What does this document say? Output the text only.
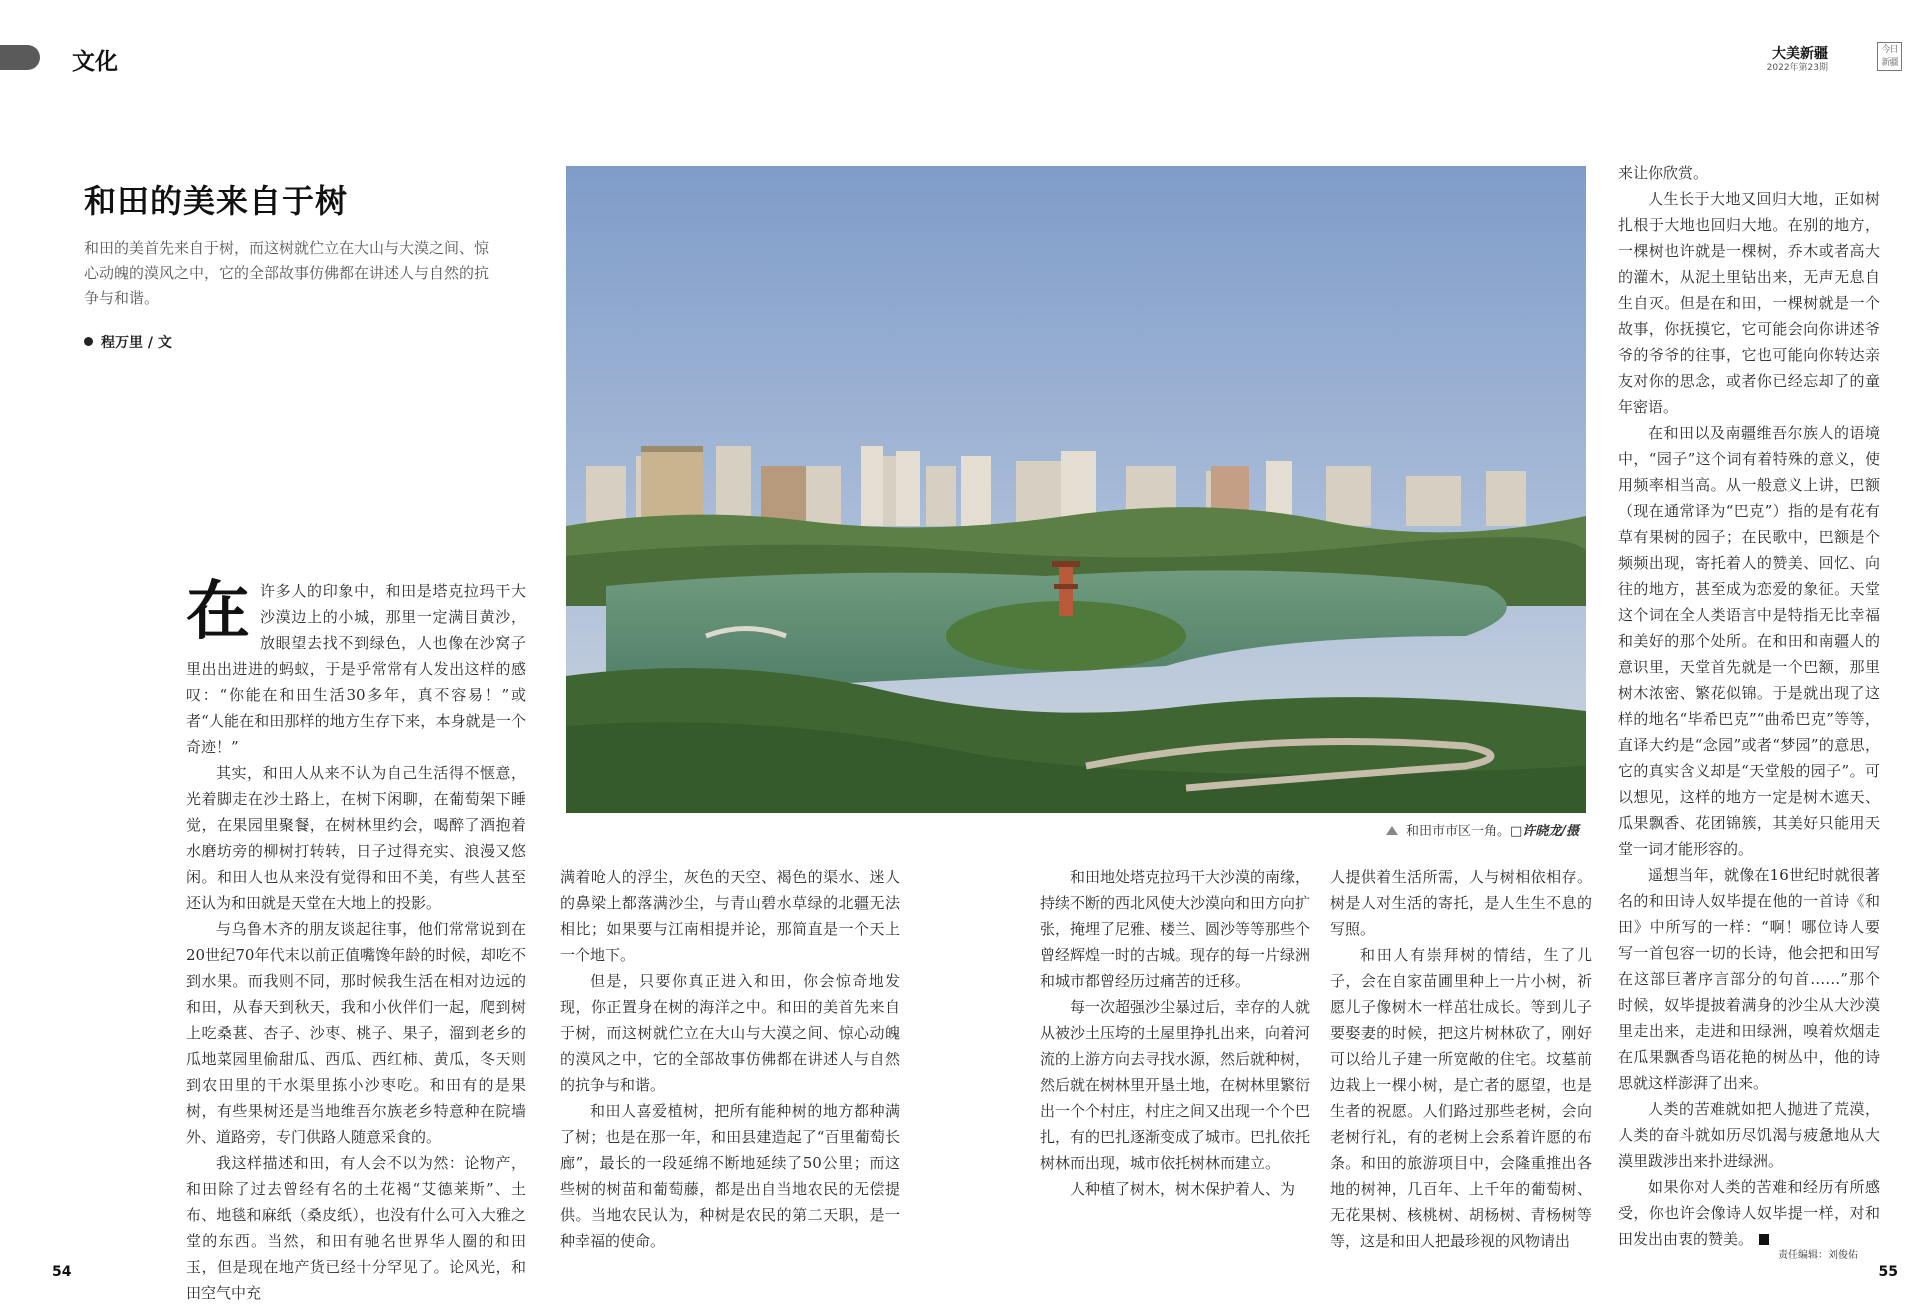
文化	大美新疆
2022年第23期
今日新疆
和田的美来自于树
和田的美首先来自于树，而这树就伫立在大山与大漠之间、惊心动魄的漠风之中，它的全部故事仿佛都在讲述人与自然的抗争与和谐。
程万里 / 文
和田市市区一角。□许晓龙/摄

在许多人的印象中，和田是塔克拉玛干大沙漠边上的小城，那里一定满目黄沙，放眼望去找不到绿色，人也像在沙窝子里出出进进的蚂蚁，于是乎常常有人发出这样的感叹：“你能在和田生活30多年，真不容易！”或者“人能在和田那样的地方生存下来，本身就是一个奇迹！”

其实，和田人从来不认为自己生活得不惬意，光着脚走在沙土路上，在树下闲聊，在葡萄架下睡觉，在果园里聚餐，在树林里约会，喝醉了酒抱着水磨坊旁的柳树打转转，日子过得充实、浪漫又悠闲。和田人也从来没有觉得和田不美，有些人甚至还认为和田就是天堂在大地上的投影。

与乌鲁木齐的朋友谈起往事，他们常常说到在20世纪70年代末以前正值嘴馋年龄的时候，却吃不到水果。而我则不同，那时候我生活在相对边远的和田，从春天到秋天，我和小伙伴们一起，爬到树上吃桑葚、杏子、沙枣、桃子、果子，溜到老乡的瓜地菜园里偷甜瓜、西瓜、西红柿、黄瓜，冬天则到农田里的干水渠里拣小沙枣吃。和田有的是果树，有些果树还是当地维吾尔族老乡特意种在院墙外、道路旁，专门供路人随意采食的。

我这样描述和田，有人会不以为然：论物产，和田除了过去曾经有名的土花褐“艾德莱斯”、土布、地毯和麻纸（桑皮纸），也没有什么可入大雅之堂的东西。当然，和田有驰名世界华人圈的和田玉，但是现在地产货已经十分罕见了。论风光，和田空气中充

满着呛人的浮尘，灰色的天空、褐色的渠水、迷人的鼻梁上都落满沙尘，与青山碧水草绿的北疆无法相比；如果要与江南相提并论，那简直是一个天上一个地下。

但是，只要你真正进入和田，你会惊奇地发现，你正置身在树的海洋之中。和田的美首先来自于树，而这树就伫立在大山与大漠之间、惊心动魄的漠风之中，它的全部故事仿佛都在讲述人与自然的抗争与和谐。

和田人喜爱植树，把所有能种树的地方都种满了树；也是在那一年，和田县建造起了“百里葡萄长廊”，最长的一段延绵不断地延续了50公里；而这些树的树苗和葡萄藤，都是出自当地农民的无偿提供。当地农民认为，种树是农民的第二天职，是一种幸福的使命。

和田地处塔克拉玛干大沙漠的南缘，持续不断的西北风使大沙漠向和田方向扩张，掩埋了尼雅、楼兰、圆沙等等那些个曾经辉煌一时的古城。现存的每一片绿洲和城市都曾经历过痛苦的迁移。

每一次超强沙尘暴过后，幸存的人就从被沙土压垮的土屋里挣扎出来，向着河流的上游方向去寻找水源，然后就种树，然后就在树林里开垦土地，在树林里繁衍出一个个村庄，村庄之间又出现一个个巴扎，有的巴扎逐渐变成了城市。巴扎依托树林而出现，城市依托树林而建立。

人种植了树木，树木保护着人、为

人提供着生活所需，人与树相依相存。树是人对生活的寄托，是人生生不息的写照。

和田人有崇拜树的情结，生了儿子，会在自家苗圃里种上一片小树，祈愿儿子像树木一样茁壮成长。等到儿子要娶妻的时候，把这片树林砍了，刚好可以给儿子建一所宽敞的住宅。坟墓前边栽上一棵小树，是亡者的愿望，也是生者的祝愿。人们路过那些老树，会向老树行礼，有的老树上会系着许愿的布条。和田的旅游项目中，会隆重推出各地的树神，几百年、上千年的葡萄树、无花果树、核桃树、胡杨树、青杨树等等，这是和田人把最珍视的风物请出

来让你欣赏。

人生长于大地又回归大地，正如树扎根于大地也回归大地。在别的地方，一棵树也许就是一棵树，乔木或者高大的灌木，从泥土里钻出来，无声无息自生自灭。但是在和田，一棵树就是一个故事，你抚摸它，它可能会向你讲述爷爷的爷爷的往事，它也可能向你转达亲友对你的思念，或者你已经忘却了的童年密语。

在和田以及南疆维吾尔族人的语境中，“园子”这个词有着特殊的意义，使用频率相当高。从一般意义上讲，巴额（现在通常译为“巴克”）指的是有花有草有果树的园子；在民歌中，巴额是个频频出现，寄托着人的赞美、回忆、向往的地方，甚至成为恋爱的象征。天堂这个词在全人类语言中是特指无比幸福和美好的那个处所。在和田和南疆人的意识里，天堂首先就是一个巴额，那里树木浓密、繁花似锦。于是就出现了这样的地名“毕希巴克”“曲希巴克”等等，直译大约是“念园”或者“梦园”的意思，它的真实含义却是“天堂般的园子”。可以想见，这样的地方一定是树木遮天、瓜果飘香、花团锦簇，其美好只能用天堂一词才能形容的。

遥想当年，就像在16世纪时就很著名的和田诗人奴毕提在他的一首诗《和田》中所写的一样：“啊！哪位诗人要写一首包容一切的长诗，他会把和田写在这部巨著序言部分的句首……”那个时候，奴毕提披着满身的沙尘从大沙漠里走出来，走进和田绿洲，嗅着炊烟走在瓜果飘香鸟语花艳的树丛中，他的诗思就这样澎湃了出来。

人类的苦难就如把人抛进了荒漠，人类的奋斗就如历尽饥渴与疲惫地从大漠里跋涉出来扑进绿洲。

如果你对人类的苦难和经历有所感受，你也许会像诗人奴毕提一样，对和田发出由衷的赞美。

责任编辑：刘俊佑
54	55
